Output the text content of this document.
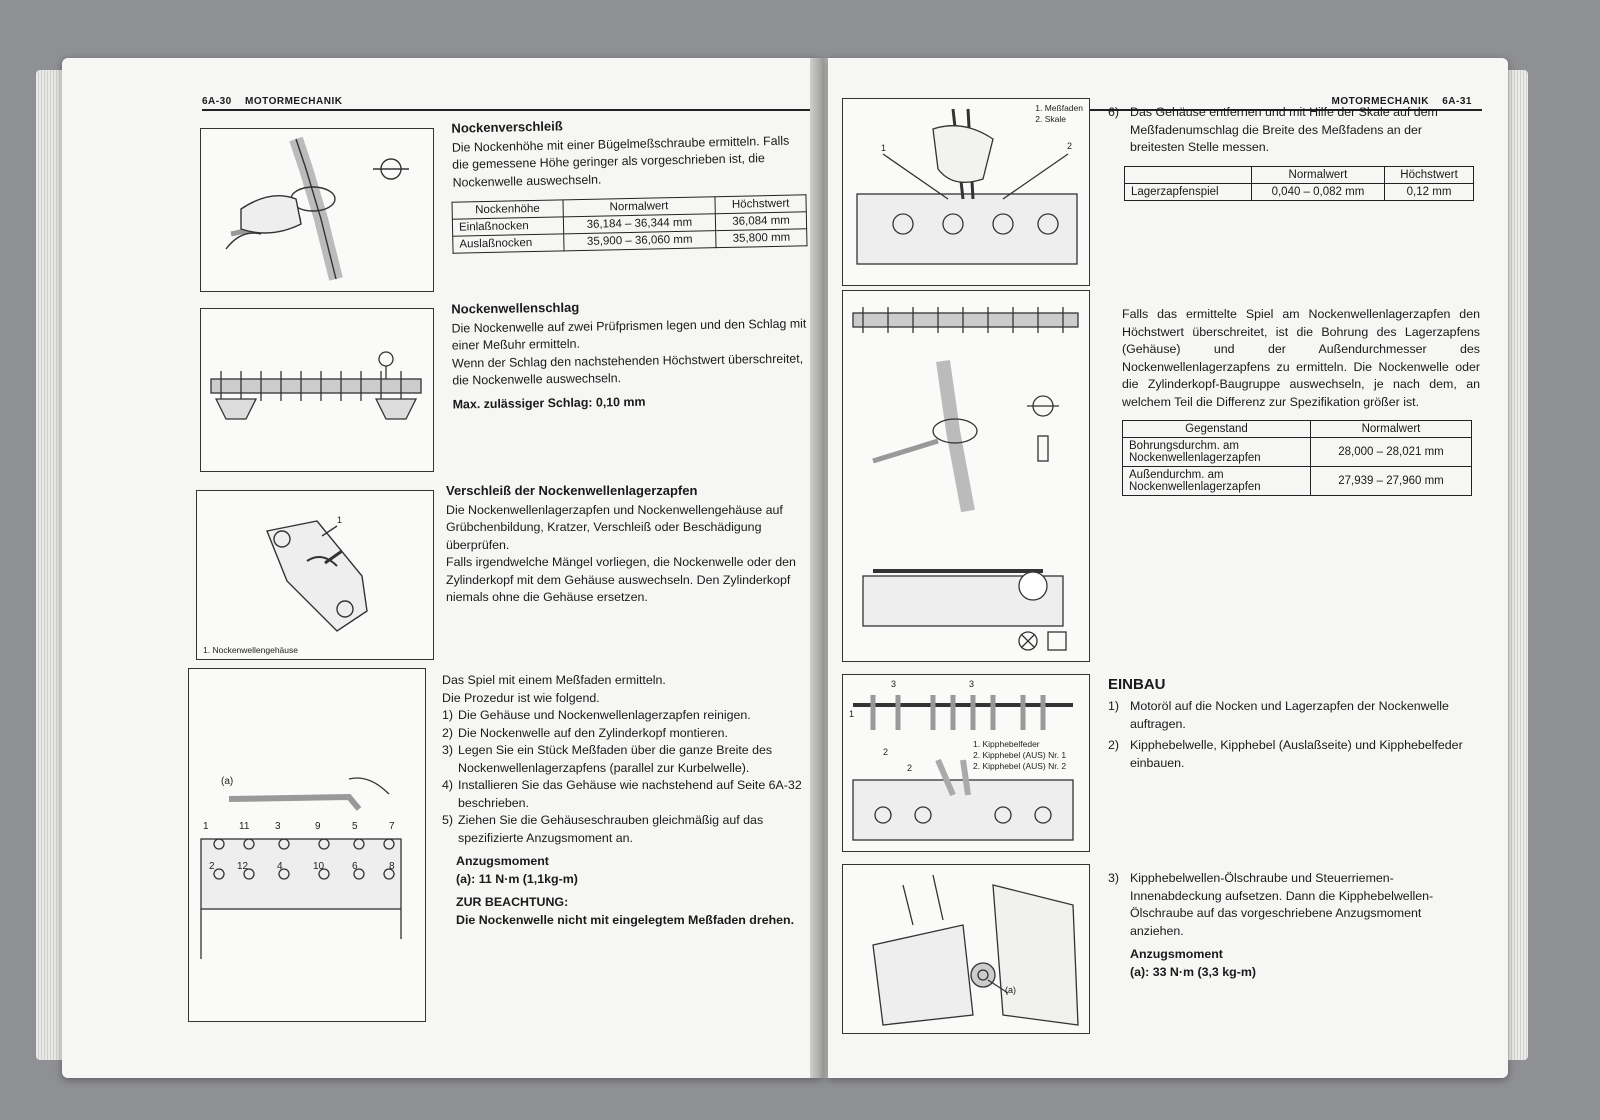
6A-30 MOTORMECHANIK
Nockenverschleiß

Die Nockenhöhe mit einer Bügelmeßschraube ermitteln. Falls die gemessene Höhe geringer als vorgeschrieben ist, die Nockenwelle auswechseln.

Nockenhöhe	Normalwert	Höchstwert
Einlaßnocken	36,184 – 36,344 mm	36,084 mm
Auslaßnocken	35,900 – 36,060 mm	35,800 mm
Nockenwellenschlag

Die Nockenwelle auf zwei Prüfprismen legen und den Schlag mit einer Meßuhr ermitteln.

Wenn der Schlag den nachstehenden Höchstwert überschreitet, die Nockenwelle auswechseln.

Max. zulässiger Schlag: 0,10 mm

1
1. Nockenwellengehäuse
Verschleiß der Nockenwellenlagerzapfen

Die Nockenwellenlagerzapfen und Nockenwellengehäuse auf Grübchenbildung, Kratzer, Verschleiß oder Beschädigung überprüfen.

Falls irgendwelche Mängel vorliegen, die Nockenwelle oder den Zylinderkopf mit dem Gehäuse auswechseln. Den Zylinderkopf niemals ohne die Gehäuse ersetzen.

(a)
1	11	3	9	5	7
2 12	4	10	6	8

Das Spiel mit einem Meßfaden ermitteln.

Die Prozedur ist wie folgend.

1) Die Gehäuse und Nockenwellenlagerzapfen reinigen.
2) Die Nockenwelle auf den Zylinderkopf montieren.
3) Legen Sie ein Stück Meßfaden über die ganze Breite des Nockenwellenlagerzapfens (parallel zur Kurbelwelle).
4) Installieren Sie das Gehäuse wie nachstehend auf Seite 6A-32 beschrieben.
5) Ziehen Sie die Gehäuseschrauben gleichmäßig auf das spezifizierte Anzugsmoment an.

Anzugsmoment

(a): 11 N·m (1,1kg-m)

ZUR BEACHTUNG:

Die Nockenwelle nicht mit eingelegtem Meßfaden drehen.

MOTORMECHANIK 6A-31
1	2
1. Meßfaden
2. Skale	6) Das Gehäuse entfernen und mit Hilfe der Skale auf dem Meßfadenumschlag die Breite des Meßfadens an der breitesten Stelle messen.
	Normalwert	Höchstwert
Lagerzapfenspiel	0,040 – 0,082 mm	0,12 mm

Falls das ermittelte Spiel am Nockenwellenlagerzapfen den Höchstwert überschreitet, ist die Bohrung des Lagerzapfens (Gehäuse) und der Außendurchmesser des Nockenwellenlagerzapfens zu ermitteln. Die Nockenwelle oder die Zylinderkopf-Baugruppe auswechseln, je nach dem, an welchem Teil die Differenz zur Spezifikation größer ist.

Gegenstand	Normalwert
Bohrungsdurchm. am Nockenwellenlagerzapfen	28,000 – 28,021 mm
Außendurchm. am Nockenwellenlagerzapfen	27,939 – 27,960 mm
1
3	3
2
2
1. Kipphebelfeder
2. Kipphebel (AUS) Nr. 1
2. Kipphebel (AUS) Nr. 2
EINBAU
1) Motoröl auf die Nocken und Lagerzapfen der Nockenwelle auftragen.
2) Kipphebelwelle, Kipphebel (Auslaßseite) und Kipphebelfeder einbauen.
(a)
3) Kipphebelwellen-Ölschraube und Steuerriemen-Innenabdeckung aufsetzen. Dann die Kipphebelwellen-Ölschraube auf das vorgeschriebene Anzugsmoment anziehen.

Anzugsmoment

(a): 33 N·m (3,3 kg-m)
